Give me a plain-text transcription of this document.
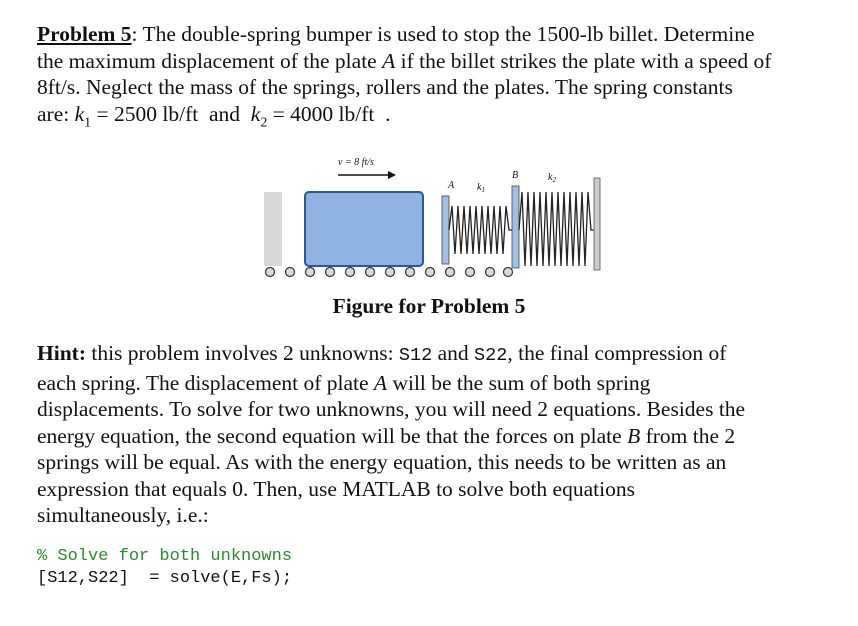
Problem 5: The double-spring bumper is used to stop the 1500-lb billet. Determine
the maximum displacement of the plate A if the billet strikes the plate with a speed of
8ft/s. Neglect the mass of the springs, rollers and the plates. The spring constants
are: $k_1 = 2500$ lb/ft  and  $k_2 = 4000$ lb/ft  .
v = 8 ft/s
A $k_1$
B	$k_2$
Figure for Problem 5
Hint: this problem involves 2 unknowns: S12 and S22, the final compression of
each spring. The displacement of plate A will be the sum of both spring
displacements. To solve for two unknowns, you will need 2 equations. Besides the
energy equation, the second equation will be that the forces on plate B from the 2
springs will be equal. As with the energy equation, this needs to be written as an
expression that equals 0. Then, use MATLAB to solve both equations
simultaneously, i.e.:
% Solve for both unknowns
[S12,S22]  = solve(E,Fs);
